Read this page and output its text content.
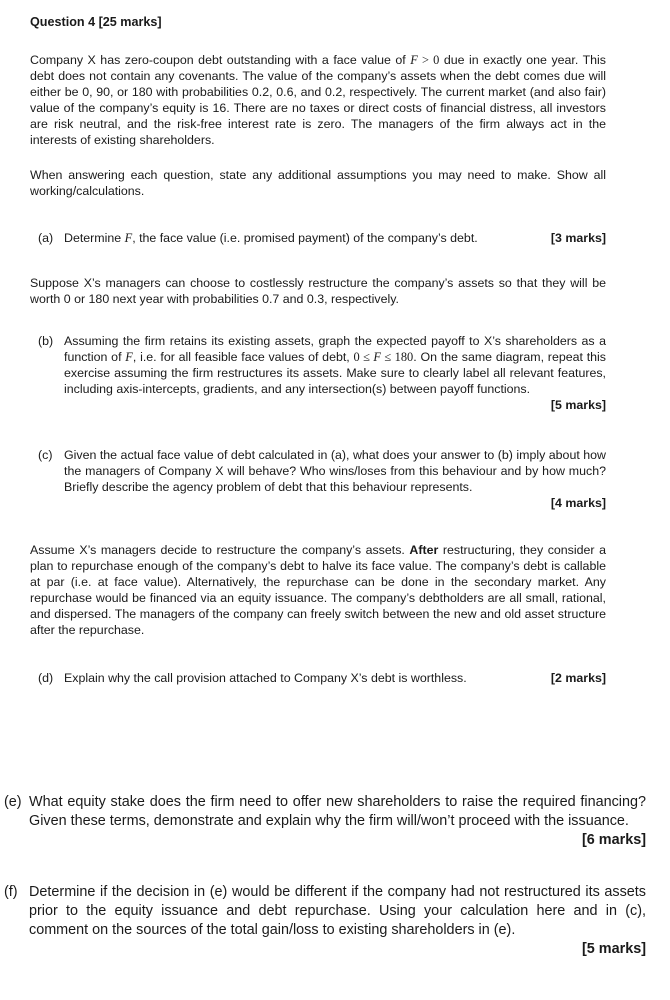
Question 4 [25 marks]
Company X has zero-coupon debt outstanding with a face value of F > 0 due in exactly one year. This debt does not contain any covenants. The value of the company’s assets when the debt comes due will either be 0, 90, or 180 with probabilities 0.2, 0.6, and 0.2, respectively. The current market (and also fair) value of the company’s equity is 16. There are no taxes or direct costs of financial distress, all investors are risk neutral, and the risk-free interest rate is zero. The managers of the firm always act in the interests of existing shareholders.
When answering each question, state any additional assumptions you may need to make. Show all working/calculations.
(a)	[3 marks]
Determine F, the face value (i.e. promised payment) of the company’s debt.
Suppose X’s managers can choose to costlessly restructure the company’s assets so that they will be worth 0 or 180 next year with probabilities 0.7 and 0.3, respectively.
(b) Assuming the firm retains its existing assets, graph the expected payoff to X’s shareholders as a function of F, i.e. for all feasible face values of debt, 0 ≤ F ≤ 180. On the same diagram, repeat this exercise assuming the firm restructures its assets. Make sure to clearly label all relevant features, including axis-intercepts, gradients, and any intersection(s) between payoff functions.
[5 marks]
(c) Given the actual face value of debt calculated in (a), what does your answer to (b) imply about how the managers of Company X will behave? Who wins/loses from this behaviour and by how much? Briefly describe the agency problem of debt that this behaviour represents.
[4 marks]
Assume X’s managers decide to restructure the company’s assets. After restructuring, they consider a plan to repurchase enough of the company’s debt to halve its face value. The company’s debt is callable at par (i.e. at face value). Alternatively, the repurchase can be done in the secondary market. Any repurchase would be financed via an equity issuance. The company’s debtholders are all small, rational, and dispersed. The managers of the company can freely switch between the new and old asset structure after the repurchase.
(d)	[2 marks]
Explain why the call provision attached to Company X’s debt is worthless.
(e) What equity stake does the firm need to offer new shareholders to raise the required financing? Given these terms, demonstrate and explain why the firm will/won’t proceed with the issuance.
[6 marks]
(f) Determine if the decision in (e) would be different if the company had not restructured its assets prior to the equity issuance and debt repurchase. Using your calculation here and in (c), comment on the sources of the total gain/loss to existing shareholders in (e).
[5 marks]
